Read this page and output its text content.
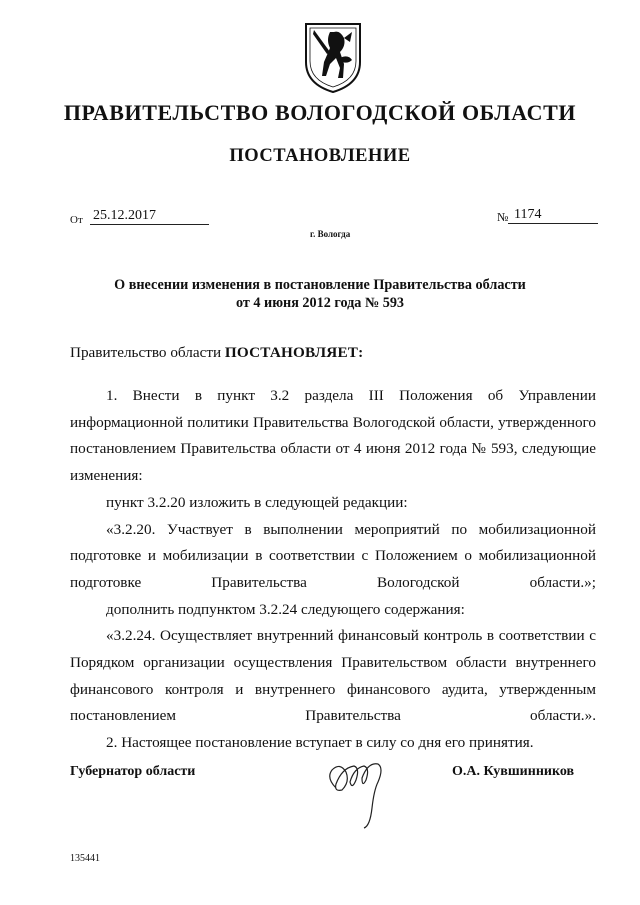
ПРАВИТЕЛЬСТВО ВОЛОГОДСКОЙ ОБЛАСТИ
ПОСТАНОВЛЕНИЕ
От 25.12.2017	№ 1174
г. Вологда
О внесении изменения в постановление Правительства области
от 4 июня 2012 года № 593
Правительство области ПОСТАНОВЛЯЕТ:

1. Внести в пункт 3.2 раздела III Положения об Управлении информационной политики Правительства Вологодской области, утвержденного постановлением Правительства области от 4 июня 2012 года № 593, следующие изменения:

пункт 3.2.20 изложить в следующей редакции:

«3.2.20. Участвует в выполнении мероприятий по мобилизационной подготовке и мобилизации в соответствии с Положением о мобилизационной подготовке Правительства Вологодской области.»;

дополнить подпунктом 3.2.24 следующего содержания:

«3.2.24. Осуществляет внутренний финансовый контроль в соответствии с Порядком организации осуществления Правительством области внутреннего финансового контроля и внутреннего финансового аудита, утвержденным постановлением Правительства области.».

2. Настоящее постановление вступает в силу со дня его принятия.

Губернатор области	О.А. Кувшинников
135441
